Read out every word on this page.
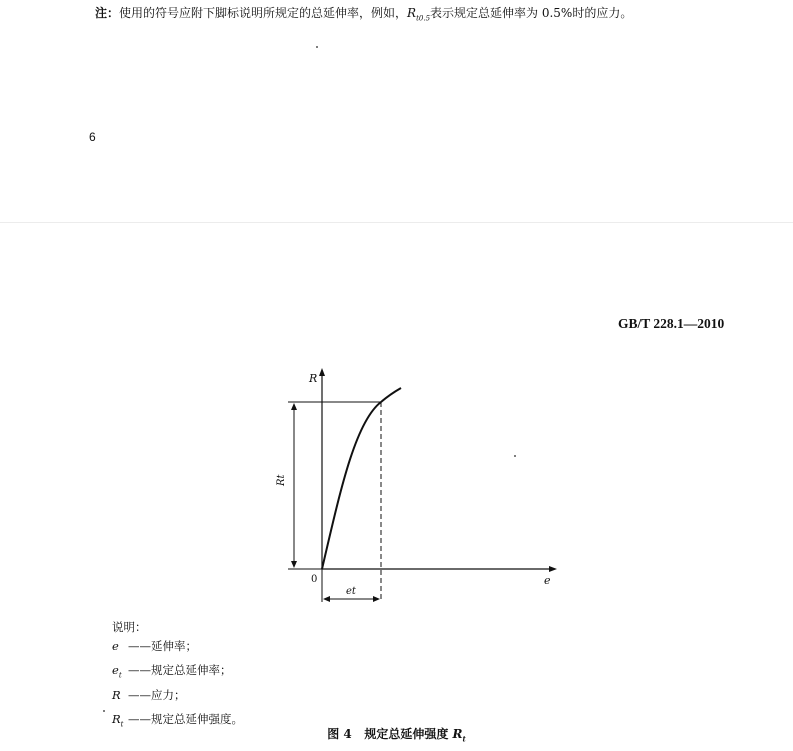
注：使用的符号应附下脚标说明所规定的总延伸率，例如，$R_{t0.5}$表示规定总延伸率为 0.5%时的应力。
6
GB/T 228.1—2010
R
e
0
Rt
et
说明：
e ——延伸率；
$e_t$ ——规定总延伸率；
R ——应力；
$R_t$ ——规定总延伸强度。
图 4 规定总延伸强度 $R_t$
